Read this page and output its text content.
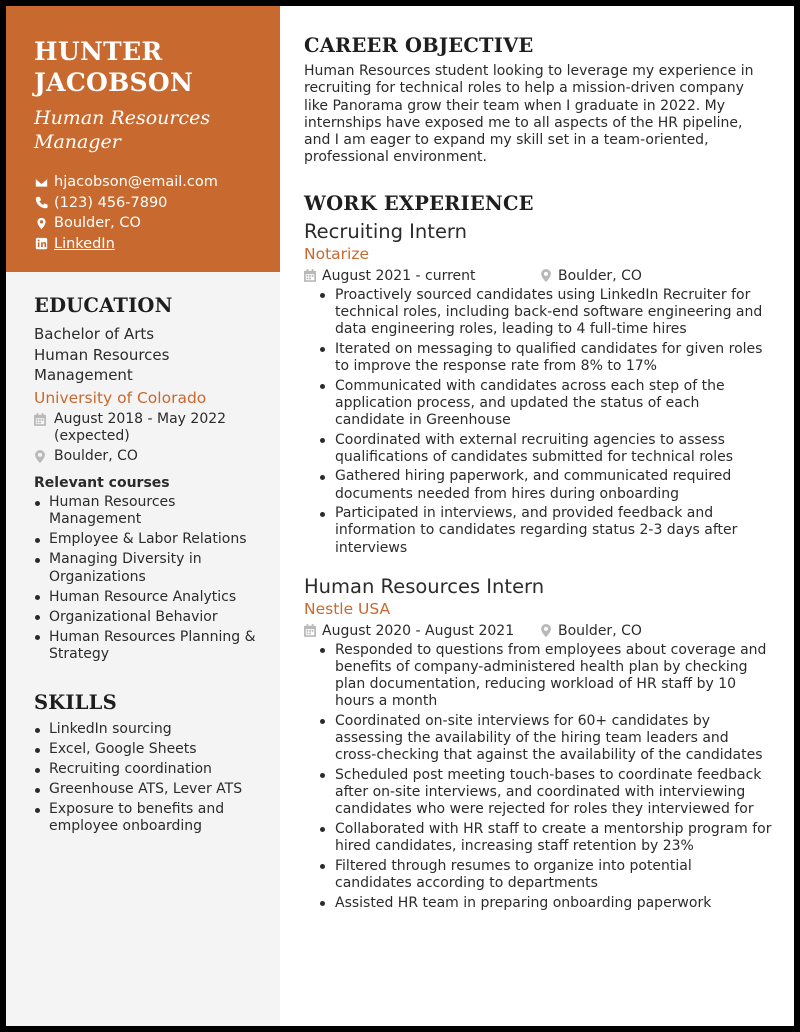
HUNTER
JACOBSON
Human Resources
Manager
hjacobson@email.com
(123) 456-7890
Boulder, CO
LinkedIn
EDUCATION
Bachelor of Arts
Human Resources
Management
University of Colorado
August 2018 - May 2022
(expected)
Boulder, CO
Relevant courses
Human Resources Management
Employee & Labor Relations
Managing Diversity in Organizations
Human Resource Analytics
Organizational Behavior
Human Resources Planning & Strategy
SKILLS
LinkedIn sourcing
Excel, Google Sheets
Recruiting coordination
Greenhouse ATS, Lever ATS
Exposure to benefits and employee onboarding
CAREER OBJECTIVE

Human Resources student looking to leverage my experience in recruiting for technical roles to help a mission-driven company like Panorama grow their team when I graduate in 2022. My internships have exposed me to all aspects of the HR pipeline, and I am eager to expand my skill set in a team-oriented, professional environment.

WORK EXPERIENCE
Recruiting Intern
Notarize
August 2021 - current	Boulder, CO
Proactively sourced candidates using LinkedIn Recruiter for technical roles, including back-end software engineering and data engineering roles, leading to 4 full-time hires
Iterated on messaging to qualified candidates for given roles to improve the response rate from 8% to 17%
Communicated with candidates across each step of the application process, and updated the status of each candidate in Greenhouse
Coordinated with external recruiting agencies to assess qualifications of candidates submitted for technical roles
Gathered hiring paperwork, and communicated required documents needed from hires during onboarding
Participated in interviews, and provided feedback and information to candidates regarding status 2-3 days after interviews
Human Resources Intern
Nestle USA
August 2020 - August 2021	Boulder, CO
Responded to questions from employees about coverage and benefits of company-administered health plan by checking plan documentation, reducing workload of HR staff by 10 hours a month
Coordinated on-site interviews for 60+ candidates by assessing the availability of the hiring team leaders and cross-checking that against the availability of the candidates
Scheduled post meeting touch-bases to coordinate feedback after on-site interviews, and coordinated with interviewing candidates who were rejected for roles they interviewed for
Collaborated with HR staff to create a mentorship program for hired candidates, increasing staff retention by 23%
Filtered through resumes to organize into potential candidates according to departments
Assisted HR team in preparing onboarding paperwork
